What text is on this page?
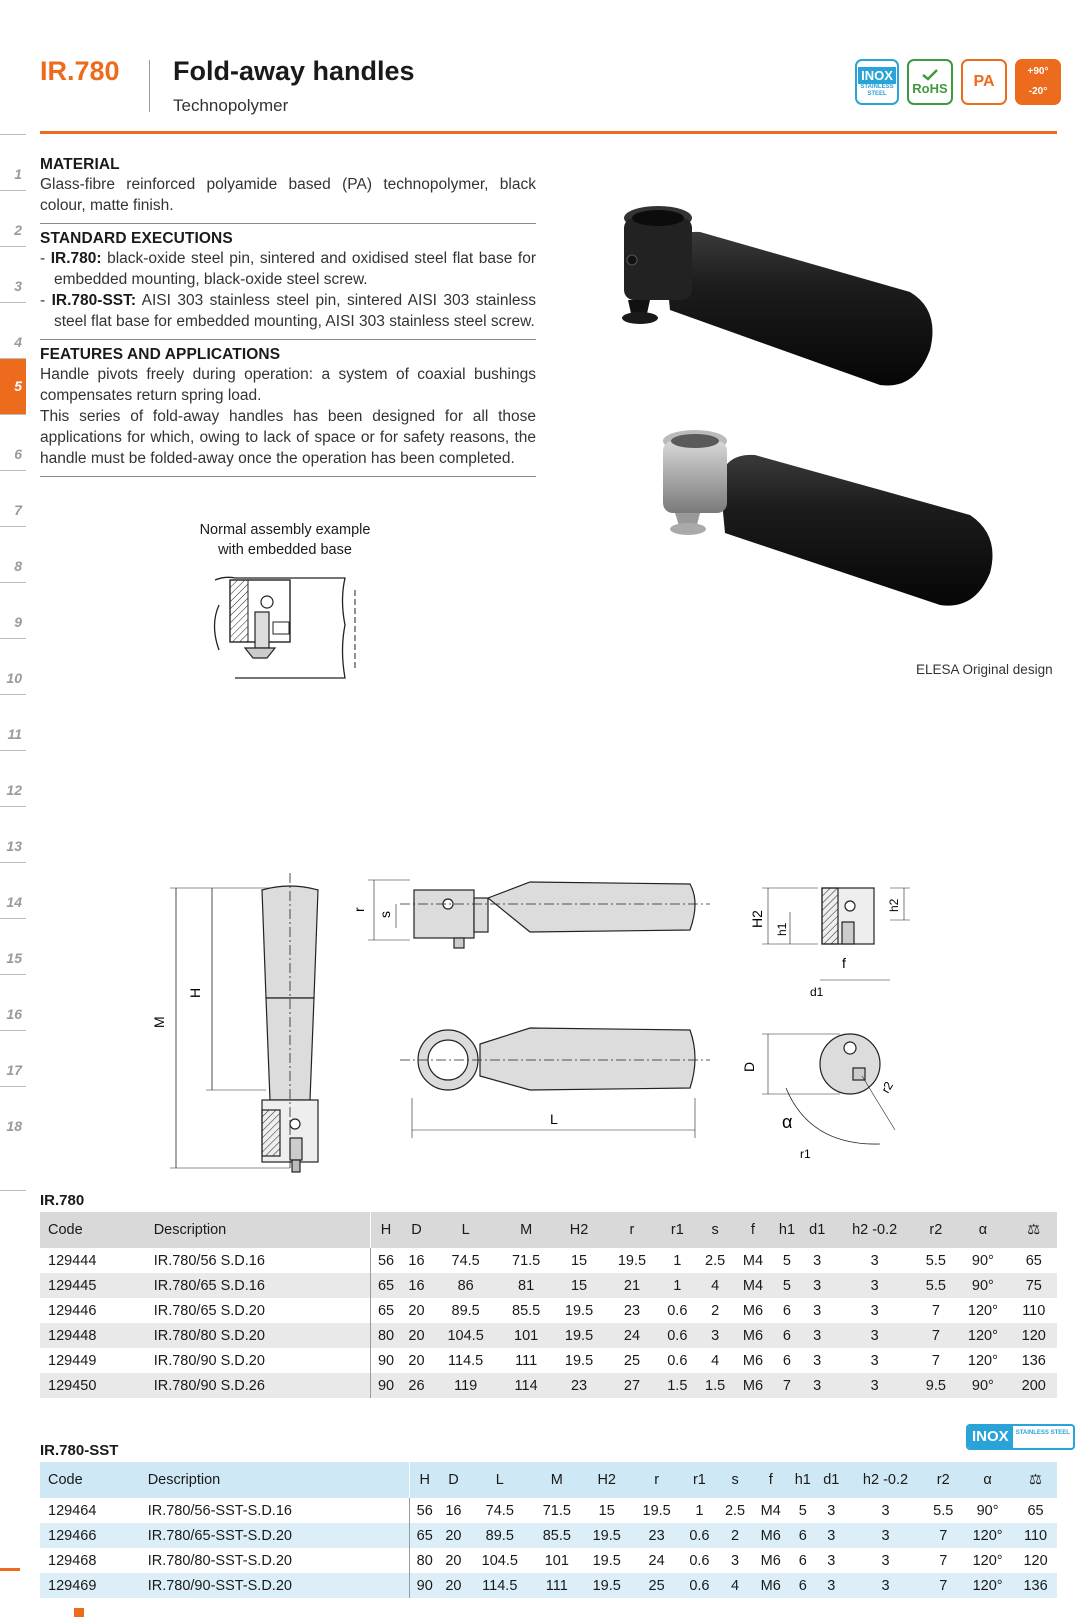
1
2
3
4
5
6
7
8
9
10
11
12
13
14
15
16
17
18
IR.780 Fold-away handles
Technopolymer
INOX
STAINLESS STEEL	RoHS PA
+90°
-20°
MATERIAL
Glass-fibre reinforced polyamide based (PA) technopolymer, black colour, matte finish.
STANDARD EXECUTIONS
- IR.780: black-oxide steel pin, sintered and oxidised steel flat base for embedded mounting, black-oxide steel screw.
- IR.780-SST: AISI 303 stainless steel pin, sintered AISI 303 stainless steel flat base for embedded mounting, AISI 303 stainless steel screw.
FEATURES AND APPLICATIONS
Handle pivots freely during operation: a system of coaxial bushings compensates return spring load.
This series of fold-away handles has been designed for all those applications for which, owing to lack of space or for safety reasons, the handle must be folded-away once the operation has been completed.
Normal assembly example
with embedded base
ELESA Original design
M
H
r
s
L
H2
h1
h2
f
d1
D
α
r1
r2
IR.780
Code	Description	H	D	L	M	H2	r	r1	s	f	h1	d1	h2 -0.2	r2	α	⚖
129444	IR.780/56 S.D.16	56	16	74.5	71.5	15	19.5	1	2.5	M4	5	3	3	5.5	90°	65
129445	IR.780/65 S.D.16	65	16	86	81	15	21	1	4	M4	5	3	3	5.5	90°	75
129446	IR.780/65 S.D.20	65	20	89.5	85.5	19.5	23	0.6	2	M6	6	3	3	7	120°	110
129448	IR.780/80 S.D.20	80	20	104.5	101	19.5	24	0.6	3	M6	6	3	3	7	120°	120
129449	IR.780/90 S.D.20	90	20	114.5	111	19.5	25	0.6	4	M6	6	3	3	7	120°	136
129450	IR.780/90 S.D.26	90	26	119	114	23	27	1.5	1.5	M6	7	3	3	9.5	90°	200
IR.780-SST
INOX	STAINLESS STEEL
Code	Description	H	D	L	M	H2	r	r1	s	f	h1	d1	h2 -0.2	r2	α	⚖
129464	IR.780/56-SST-S.D.16	56	16	74.5	71.5	15	19.5	1	2.5	M4	5	3	3	5.5	90°	65
129466	IR.780/65-SST-S.D.20	65	20	89.5	85.5	19.5	23	0.6	2	M6	6	3	3	7	120°	110
129468	IR.780/80-SST-S.D.20	80	20	104.5	101	19.5	24	0.6	3	M6	6	3	3	7	120°	120
129469	IR.780/90-SST-S.D.20	90	20	114.5	111	19.5	25	0.6	4	M6	6	3	3	7	120°	136
